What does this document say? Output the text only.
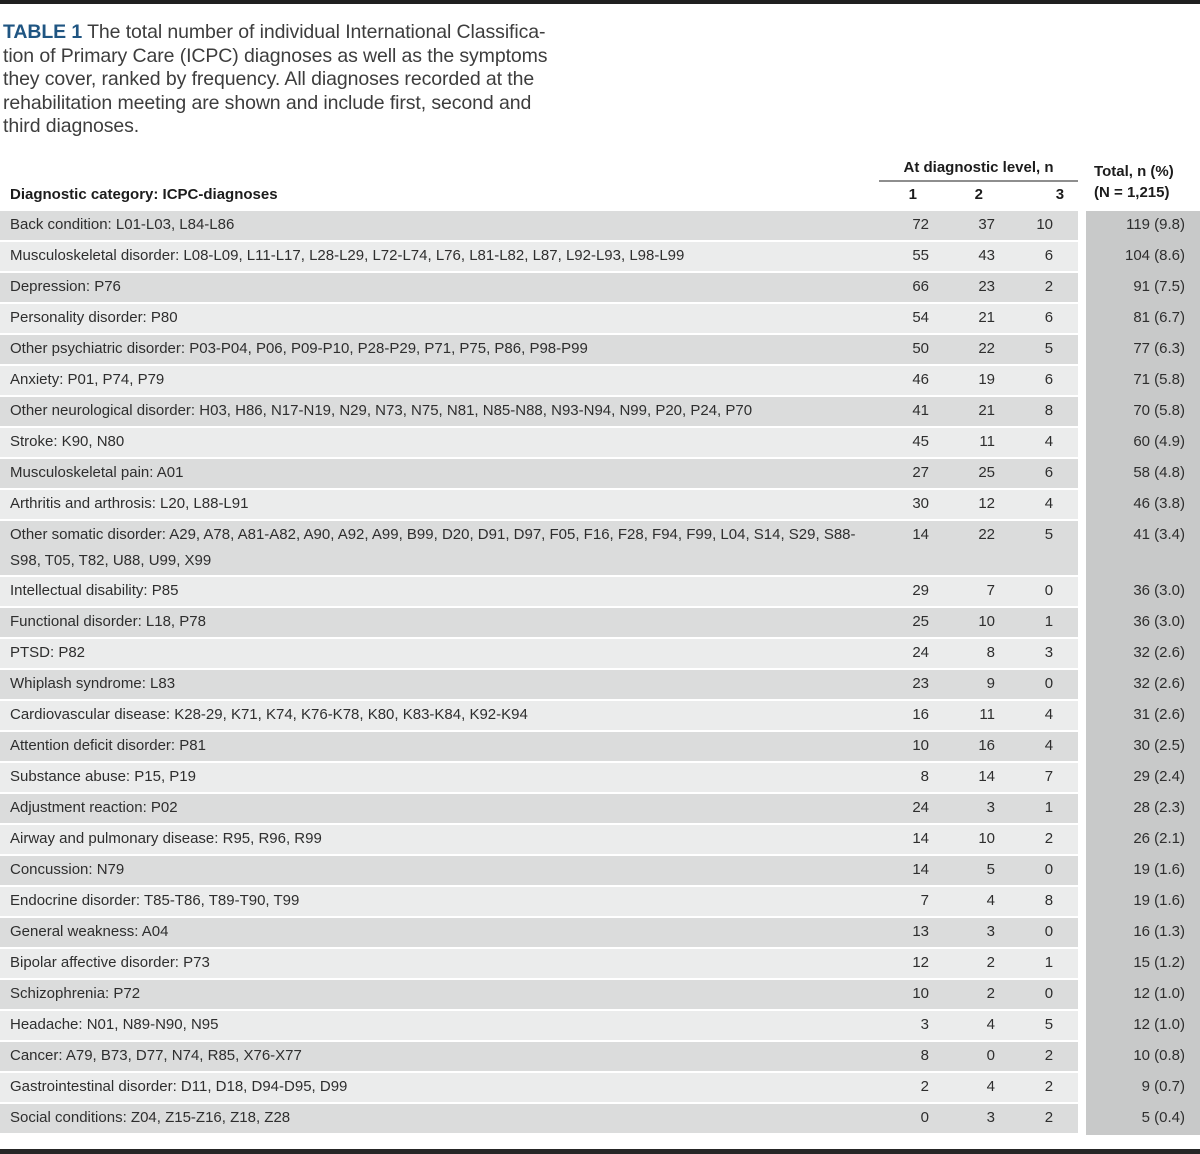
TABLE 1 The total number of individual International Classifica-
tion of Primary Care (ICPC) diagnoses as well as the symptoms
they cover, ranked by frequency. All diagnoses recorded at the
rehabilitation meeting are shown and include first, second and
third diagnoses.

	At diagnostic level, n				Total, n (%)
(N = 1,215)

Diagnostic category: ICPC-diagnoses	1	2	3		
Back condition: L01-L03, L84-L86	72	37	10		119 (9.8)
Musculoskeletal disorder: L08-L09, L11-L17, L28-L29, L72-L74, L76, L81-L82, L87, L92-L93, L98-L99	55	43	6		104 (8.6)
Depression: P76	66	23	2		91 (7.5)
Personality disorder: P80	54	21	6		81 (6.7)
Other psychiatric disorder: P03-P04, P06, P09-P10, P28-P29, P71, P75, P86, P98-P99	50	22	5		77 (6.3)
Anxiety: P01, P74, P79	46	19	6		71 (5.8)
Other neurological disorder: H03, H86, N17-N19, N29, N73, N75, N81, N85-N88, N93-N94, N99, P20, P24, P70	41	21	8		70 (5.8)
Stroke: K90, N80	45	11	4		60 (4.9)
Musculoskeletal pain: A01	27	25	6		58 (4.8)
Arthritis and arthrosis: L20, L88-L91	30	12	4		46 (3.8)
Other somatic disorder: A29, A78, A81-A82, A90, A92, A99, B99, D20, D91, D97, F05, F16, F28, F94, F99, L04, S14, S29, S88-S98, T05, T82, U88, U99, X99	14	22	5		41 (3.4)
Intellectual disability: P85	29	7	0		36 (3.0)
Functional disorder: L18, P78	25	10	1		36 (3.0)
PTSD: P82	24	8	3		32 (2.6)
Whiplash syndrome: L83	23	9	0		32 (2.6)
Cardiovascular disease: K28-29, K71, K74, K76-K78, K80, K83-K84, K92-K94	16	11	4		31 (2.6)
Attention deficit disorder: P81	10	16	4		30 (2.5)
Substance abuse: P15, P19	8	14	7		29 (2.4)
Adjustment reaction: P02	24	3	1		28 (2.3)
Airway and pulmonary disease: R95, R96, R99	14	10	2		26 (2.1)
Concussion: N79	14	5	0		19 (1.6)
Endocrine disorder: T85-T86, T89-T90, T99	7	4	8		19 (1.6)
General weakness: A04	13	3	0		16 (1.3)
Bipolar affective disorder: P73	12	2	1		15 (1.2)
Schizophrenia: P72	10	2	0		12 (1.0)
Headache: N01, N89-N90, N95	3	4	5		12 (1.0)
Cancer: A79, B73, D77, N74, R85, X76-X77	8	0	2		10 (0.8)
Gastrointestinal disorder: D11, D18, D94-D95, D99	2	4	2		9 (0.7)
Social conditions: Z04, Z15-Z16, Z18, Z28	0	3	2		5 (0.4)
